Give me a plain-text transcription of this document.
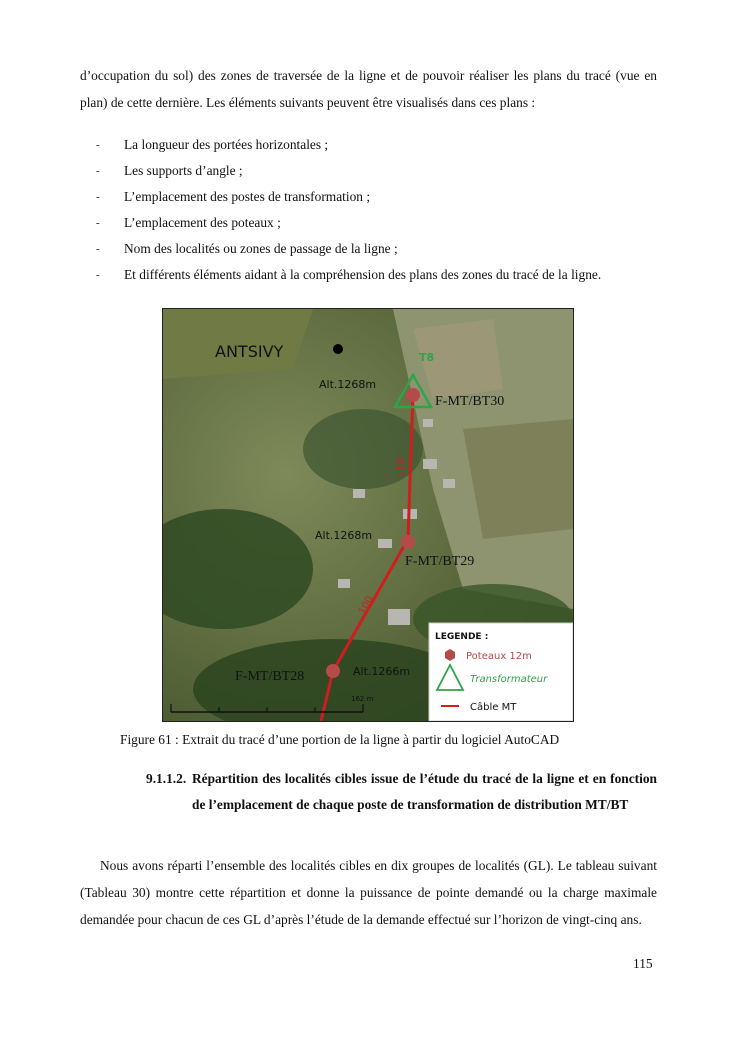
d’occupation du sol) des zones de traversée de la ligne et de pouvoir réaliser les plans du tracé (vue en plan) de cette dernière. Les éléments suivants peuvent être visualisés dans ces plans :

- La longueur des portées horizontales ;
- Les supports d’angle ;
- L’emplacement des postes de transformation ;
- L’emplacement des poteaux ;
- Nom des localités ou zones de passage de la ligne ;
- Et différents éléments aidant à la compréhension des plans des zones du tracé de la ligne.
ANTSIVY	T8
F-MT/BT30
F-MT/BT29
F-MT/BT28
Alt.1268m
Alt.1268m
Alt.1266m
100
100
162 m
LEGENDE :
Poteaux 12m
Transformateur
Câble MT
Figure 61 : Extrait du tracé d’une portion de la ligne à partir du logiciel AutoCAD
9.1.1.2. Répartition des localités cibles issue de l’étude du tracé de la ligne et en fonction de l’emplacement de chaque poste de transformation de distribution MT/BT

Nous avons réparti l’ensemble des localités cibles en dix groupes de localités (GL). Le tableau suivant (Tableau 30) montre cette répartition et donne la puissance de pointe demandé ou la charge maximale demandée pour chacun de ces GL d’après l’étude de la demande effectué sur l’horizon de vingt-cinq ans.

115
